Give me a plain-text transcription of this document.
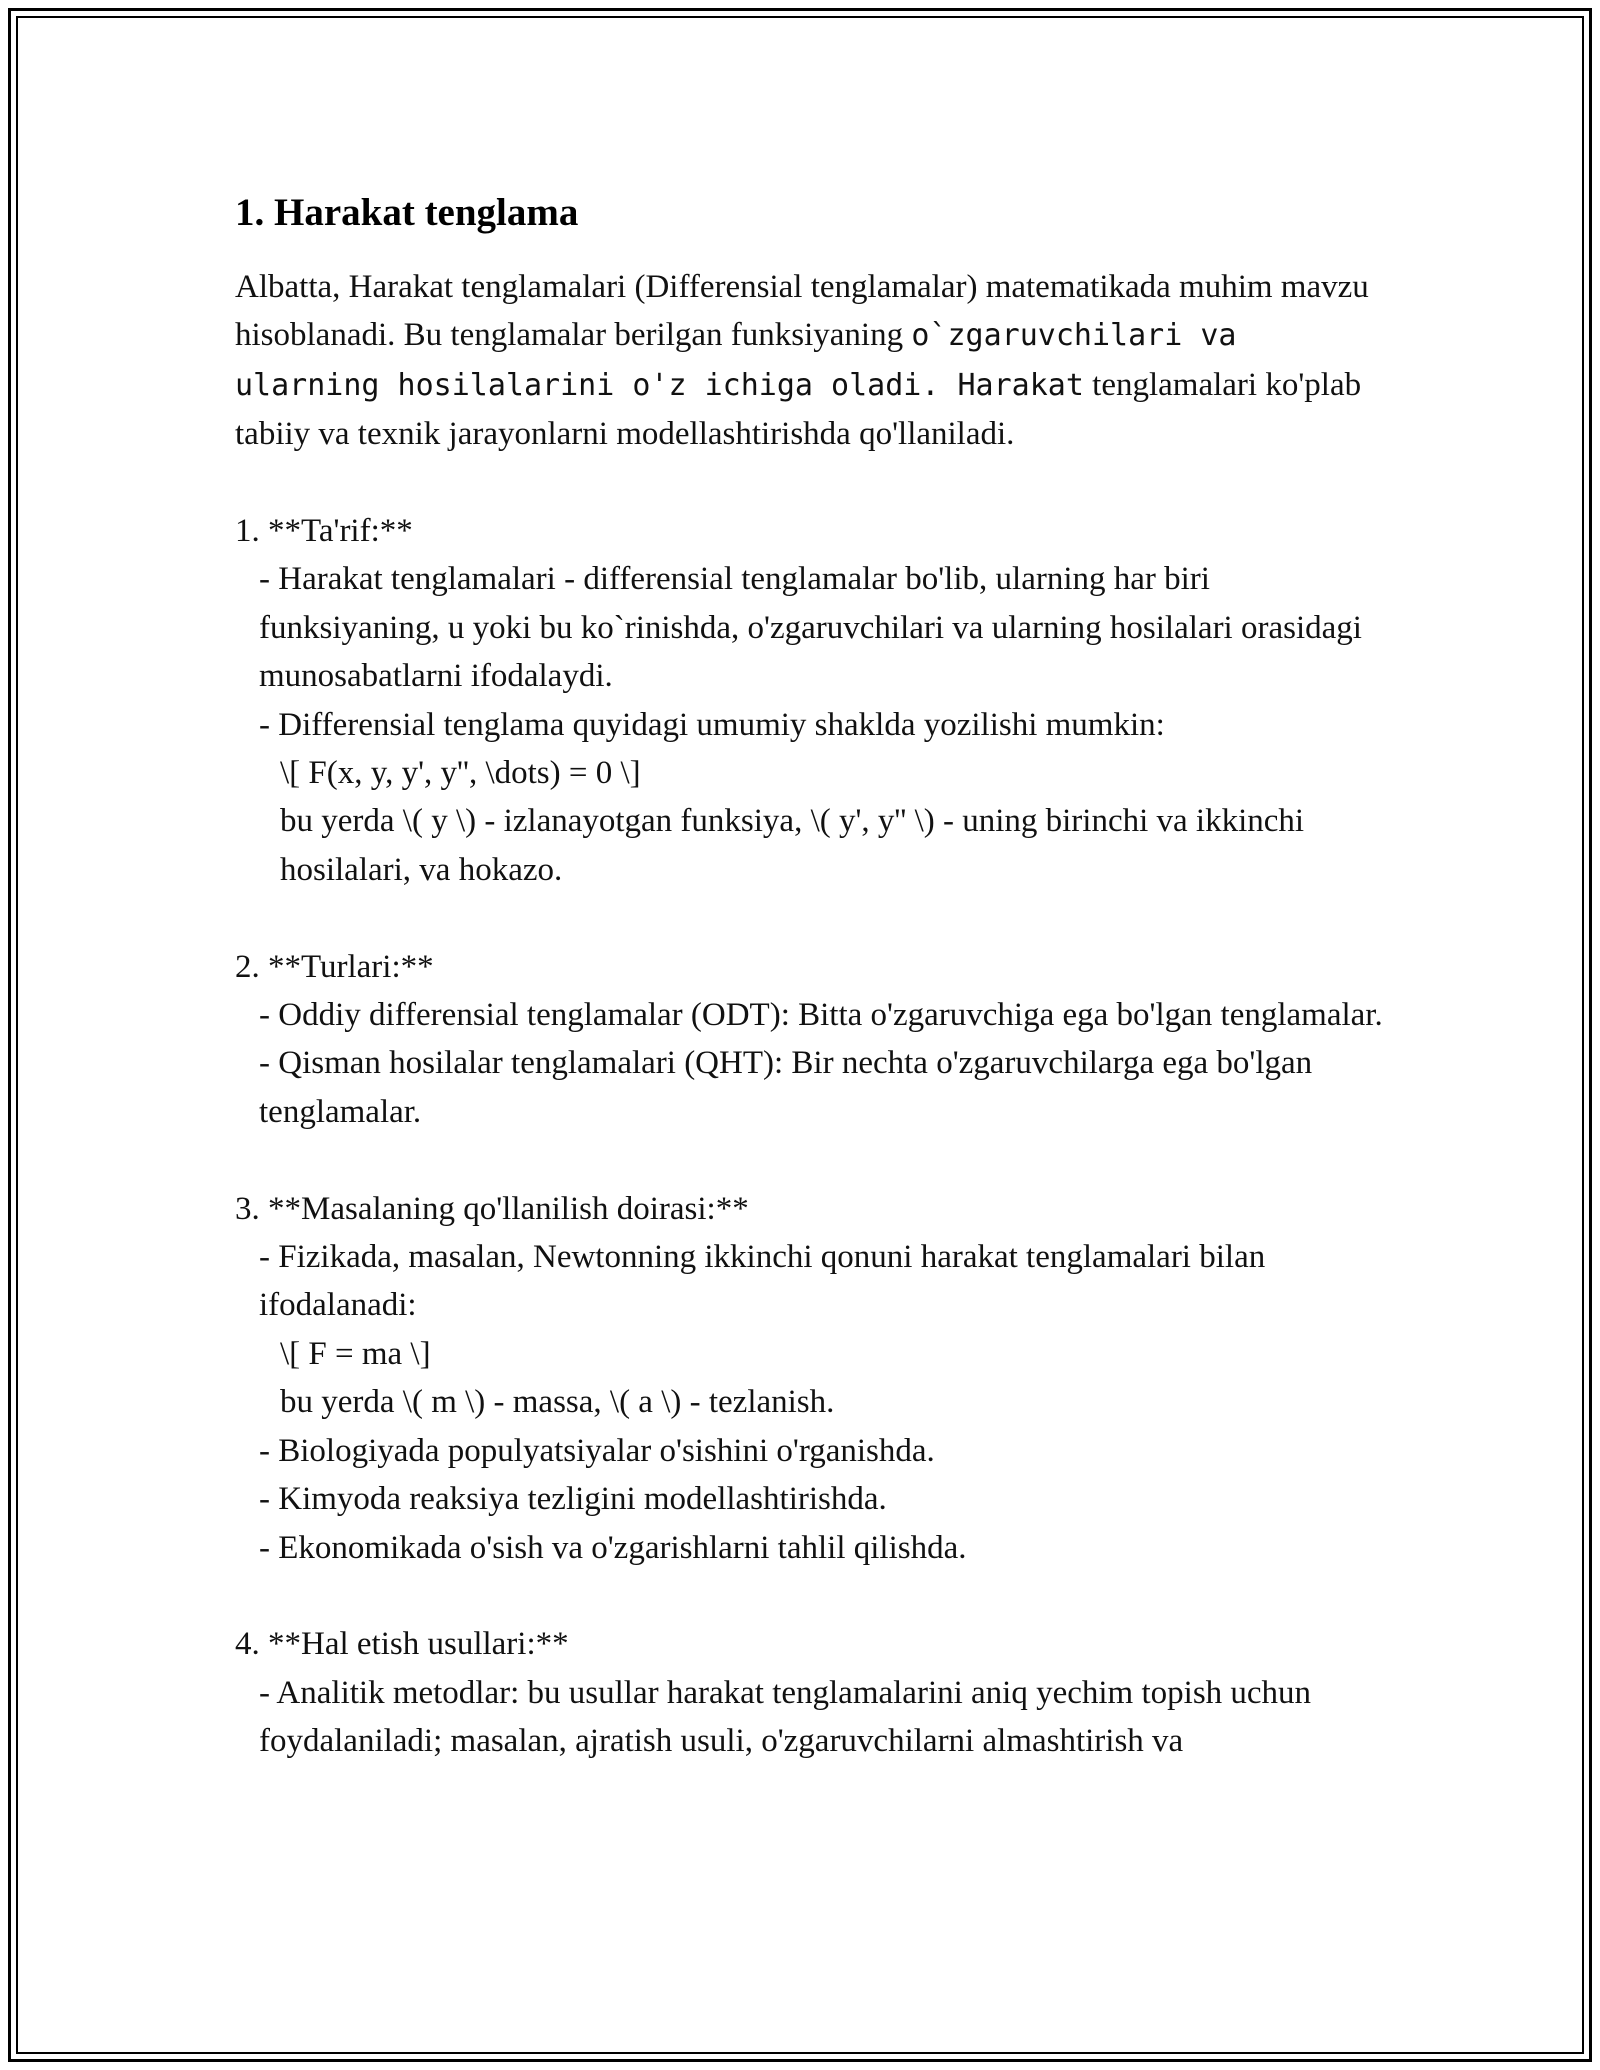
1. Harakat tenglama

Albatta, Harakat tenglamalari (Differensial tenglamalar) matematikada muhim mavzu hisoblanadi. Bu tenglamalar berilgan funksiyaning o`zgaruvchilari va ularning hosilalarini o'z ichiga oladi. Harakat tenglamalari ko'plab tabiiy va texnik jarayonlarni modellashtirishda qo'llaniladi.

1. **Ta'rif:**
- Harakat tenglamalari - differensial tenglamalar bo'lib, ularning har biri funksiyaning, u yoki bu ko`rinishda, o'zgaruvchilari va ularning hosilalari orasidagi munosabatlarni ifodalaydi.
- Differensial tenglama quyidagi umumiy shaklda yozilishi mumkin:
\[ F(x, y, y', y'', \dots) = 0 \]
bu yerda \( y \) - izlanayotgan funksiya, \( y', y'' \) - uning birinchi va ikkinchi hosilalari, va hokazo.
2. **Turlari:**
- Oddiy differensial tenglamalar (ODT): Bitta o'zgaruvchiga ega bo'lgan tenglamalar.
- Qisman hosilalar tenglamalari (QHT): Bir nechta o'zgaruvchilarga ega bo'lgan tenglamalar.
3. **Masalaning qo'llanilish doirasi:**
- Fizikada, masalan, Newtonning ikkinchi qonuni harakat tenglamalari bilan ifodalanadi:
\[ F = ma \]
bu yerda \( m \) - massa, \( a \) - tezlanish.
- Biologiyada populyatsiyalar o'sishini o'rganishda.
- Kimyoda reaksiya tezligini modellashtirishda.
- Ekonomikada o'sish va o'zgarishlarni tahlil qilishda.
4. **Hal etish usullari:**
- Analitik metodlar: bu usullar harakat tenglamalarini aniq yechim topish uchun foydalaniladi; masalan, ajratish usuli, o'zgaruvchilarni almashtirish va
